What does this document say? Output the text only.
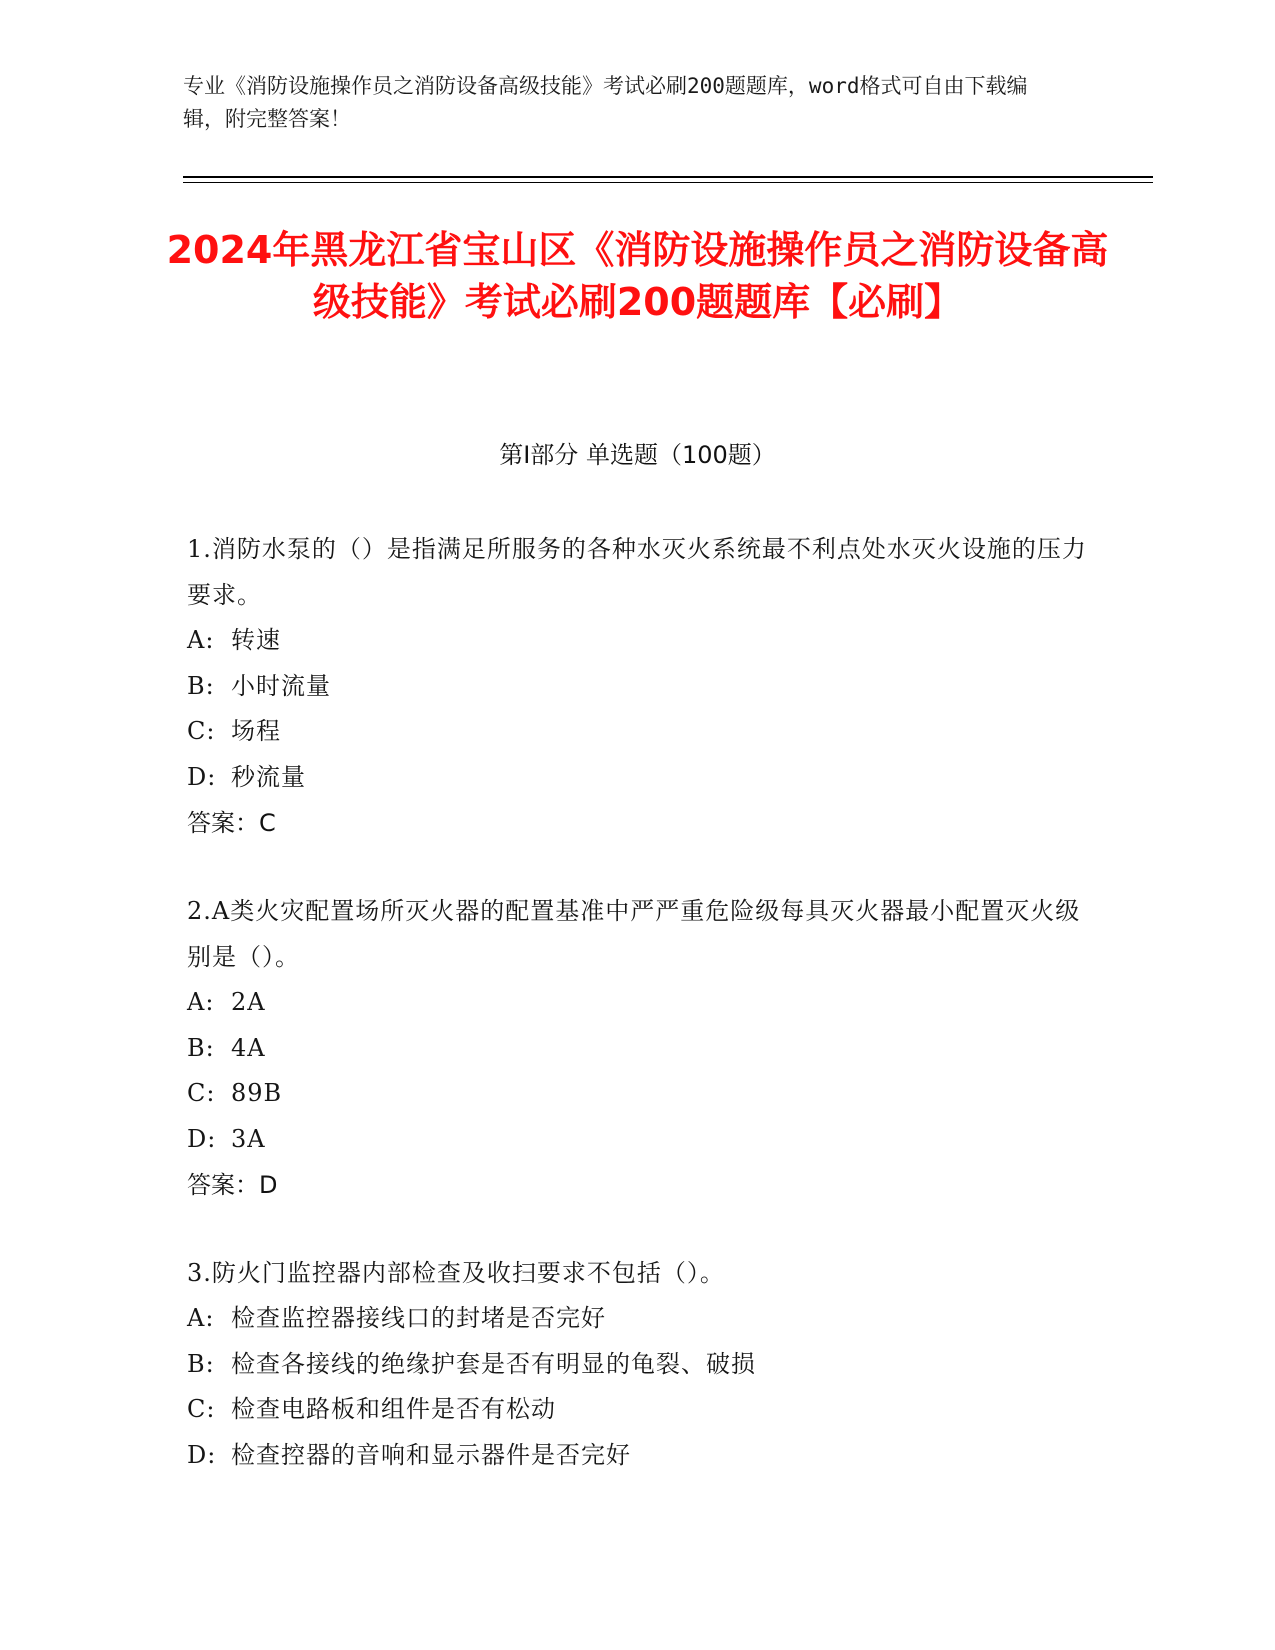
专业《消防设施操作员之消防设备高级技能》考试必刷200题题库，word格式可自由下载编辑，附完整答案！
2024年黑龙江省宝山区《消防设施操作员之消防设备高级技能》考试必刷200题题库【必刷】
第I部分 单选题（100题）
1.消防水泵的（）是指满足所服务的各种水灭火系统最不利点处水灭火设施的压力要求。
A: 转速
B: 小时流量
C: 场程
D: 秒流量
答案：C
2.A类火灾配置场所灭火器的配置基准中严严重危险级每具灭火器最小配置灭火级别是（）。
A: 2A
B: 4A
C: 89B
D: 3A
答案：D
3.防火门监控器内部检查及收扫要求不包括（）。
A: 检查监控器接线口的封堵是否完好
B: 检查各接线的绝缘护套是否有明显的龟裂、破损
C: 检查电路板和组件是否有松动
D: 检查控器的音响和显示器件是否完好
